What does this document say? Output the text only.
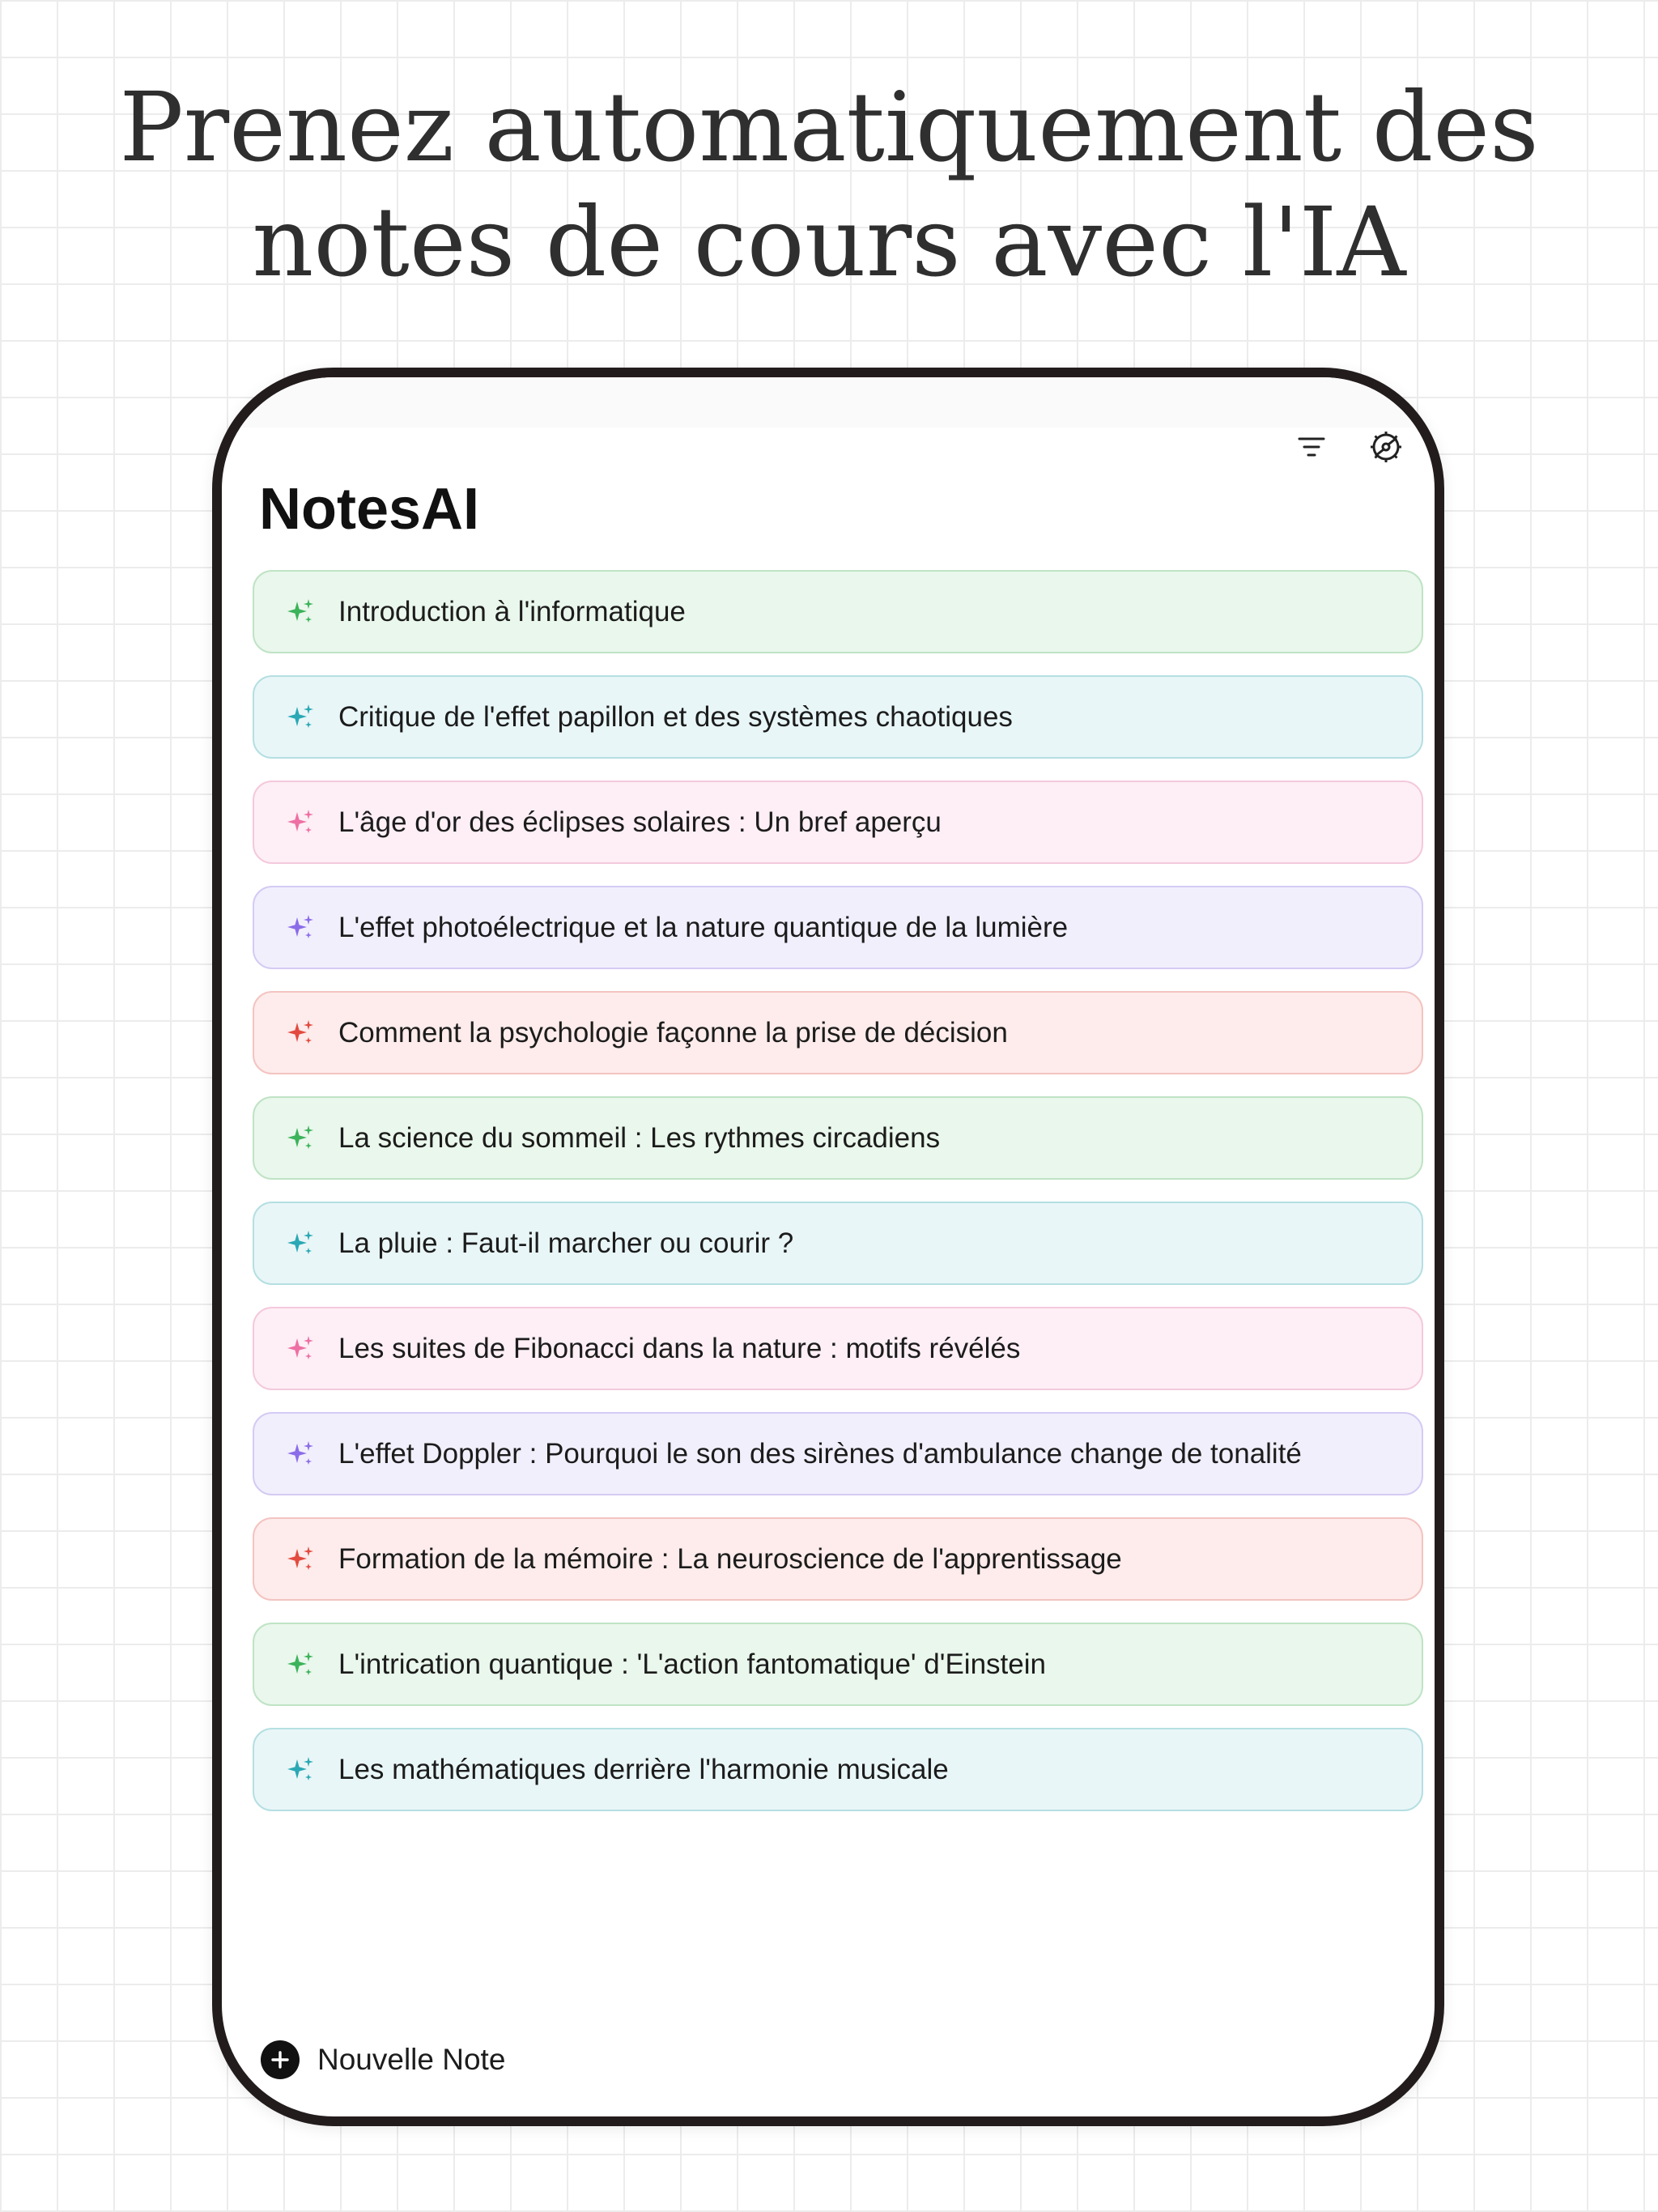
Prenez automatiquement des
notes de cours avec l'IA
NotesAI
Introduction à l'informatique
Critique de l'effet papillon et des systèmes chaotiques
L'âge d'or des éclipses solaires : Un bref aperçu
L'effet photoélectrique et la nature quantique de la lumière
Comment la psychologie façonne la prise de décision
La science du sommeil : Les rythmes circadiens
La pluie : Faut-il marcher ou courir ?
Les suites de Fibonacci dans la nature : motifs révélés
L'effet Doppler : Pourquoi le son des sirènes d'ambulance change de tonalité
Formation de la mémoire : La neuroscience de l'apprentissage
L'intrication quantique : 'L'action fantomatique' d'Einstein
Les mathématiques derrière l'harmonie musicale
Nouvelle Note
